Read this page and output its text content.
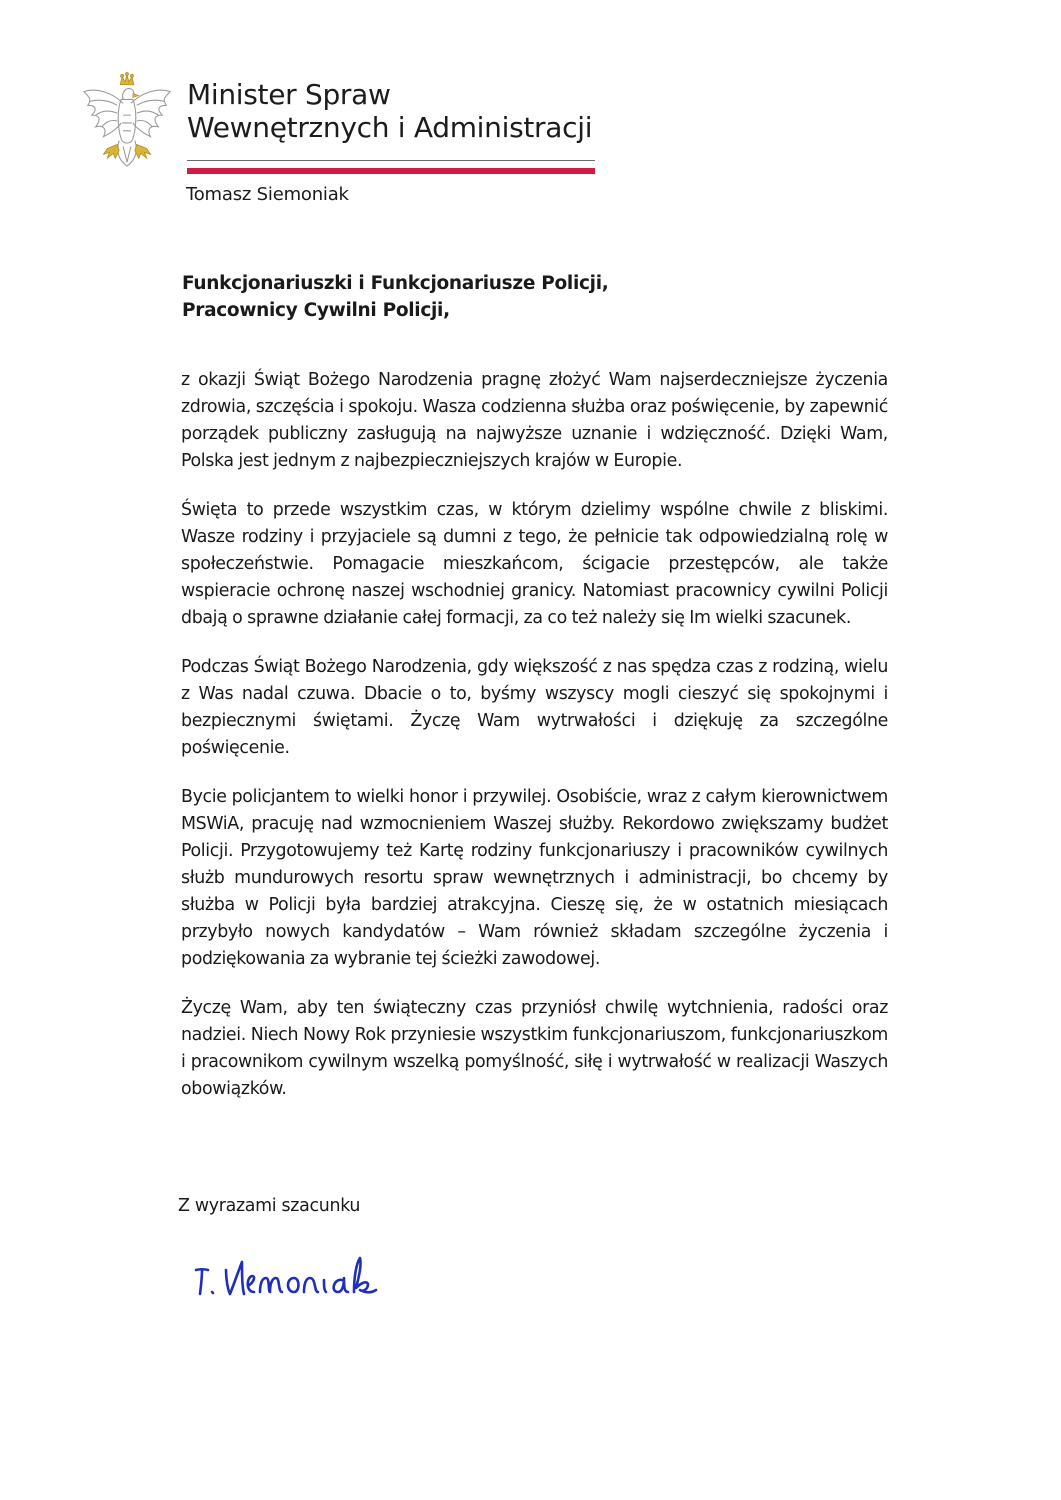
Minister Spraw
Wewnętrznych i Administracji
Tomasz Siemoniak
Funkcjonariuszki i Funkcjonariusze Policji,
Pracownicy Cywilni Policji,

z okazji Świąt Bożego Narodzenia pragnę złożyć Wam najserdeczniejsze życzenia zdrowia, szczęścia i spokoju. Wasza codzienna służba oraz poświęcenie, by zapewnić porządek publiczny zasługują na najwyższe uznanie i wdzięczność. Dzięki Wam, Polska jest jednym z najbezpieczniejszych krajów w Europie.

Święta to przede wszystkim czas, w którym dzielimy wspólne chwile z bliskimi. Wasze rodziny i przyjaciele są dumni z tego, że pełnicie tak odpowiedzialną rolę w społeczeństwie. Pomagacie mieszkańcom, ścigacie przestępców, ale także wspieracie ochronę naszej wschodniej granicy. Natomiast pracownicy cywilni Policji dbają o sprawne działanie całej formacji, za co też należy się Im wielki szacunek.

Podczas Świąt Bożego Narodzenia, gdy większość z nas spędza czas z rodziną, wielu z Was nadal czuwa. Dbacie o to, byśmy wszyscy mogli cieszyć się spokojnymi i bezpiecznymi świętami. Życzę Wam wytrwałości i dziękuję za szczególne poświęcenie.

Bycie policjantem to wielki honor i przywilej. Osobiście, wraz z całym kierownictwem MSWiA, pracuję nad wzmocnieniem Waszej służby. Rekordowo zwiększamy budżet Policji. Przygotowujemy też Kartę rodziny funkcjonariuszy i pracowników cywilnych służb mundurowych resortu spraw wewnętrznych i administracji, bo chcemy by służba w Policji była bardziej atrakcyjna. Cieszę się, że w ostatnich miesiącach przybyło nowych kandydatów – Wam również składam szczególne życzenia i podziękowania za wybranie tej ścieżki zawodowej.

Życzę Wam, aby ten świąteczny czas przyniósł chwilę wytchnienia, radości oraz nadziei. Niech Nowy Rok przyniesie wszystkim funkcjonariuszom, funkcjonariuszkom i pracownikom cywilnym wszelką pomyślność, siłę i wytrwałość w realizacji Waszych obowiązków.

Z wyrazami szacunku
